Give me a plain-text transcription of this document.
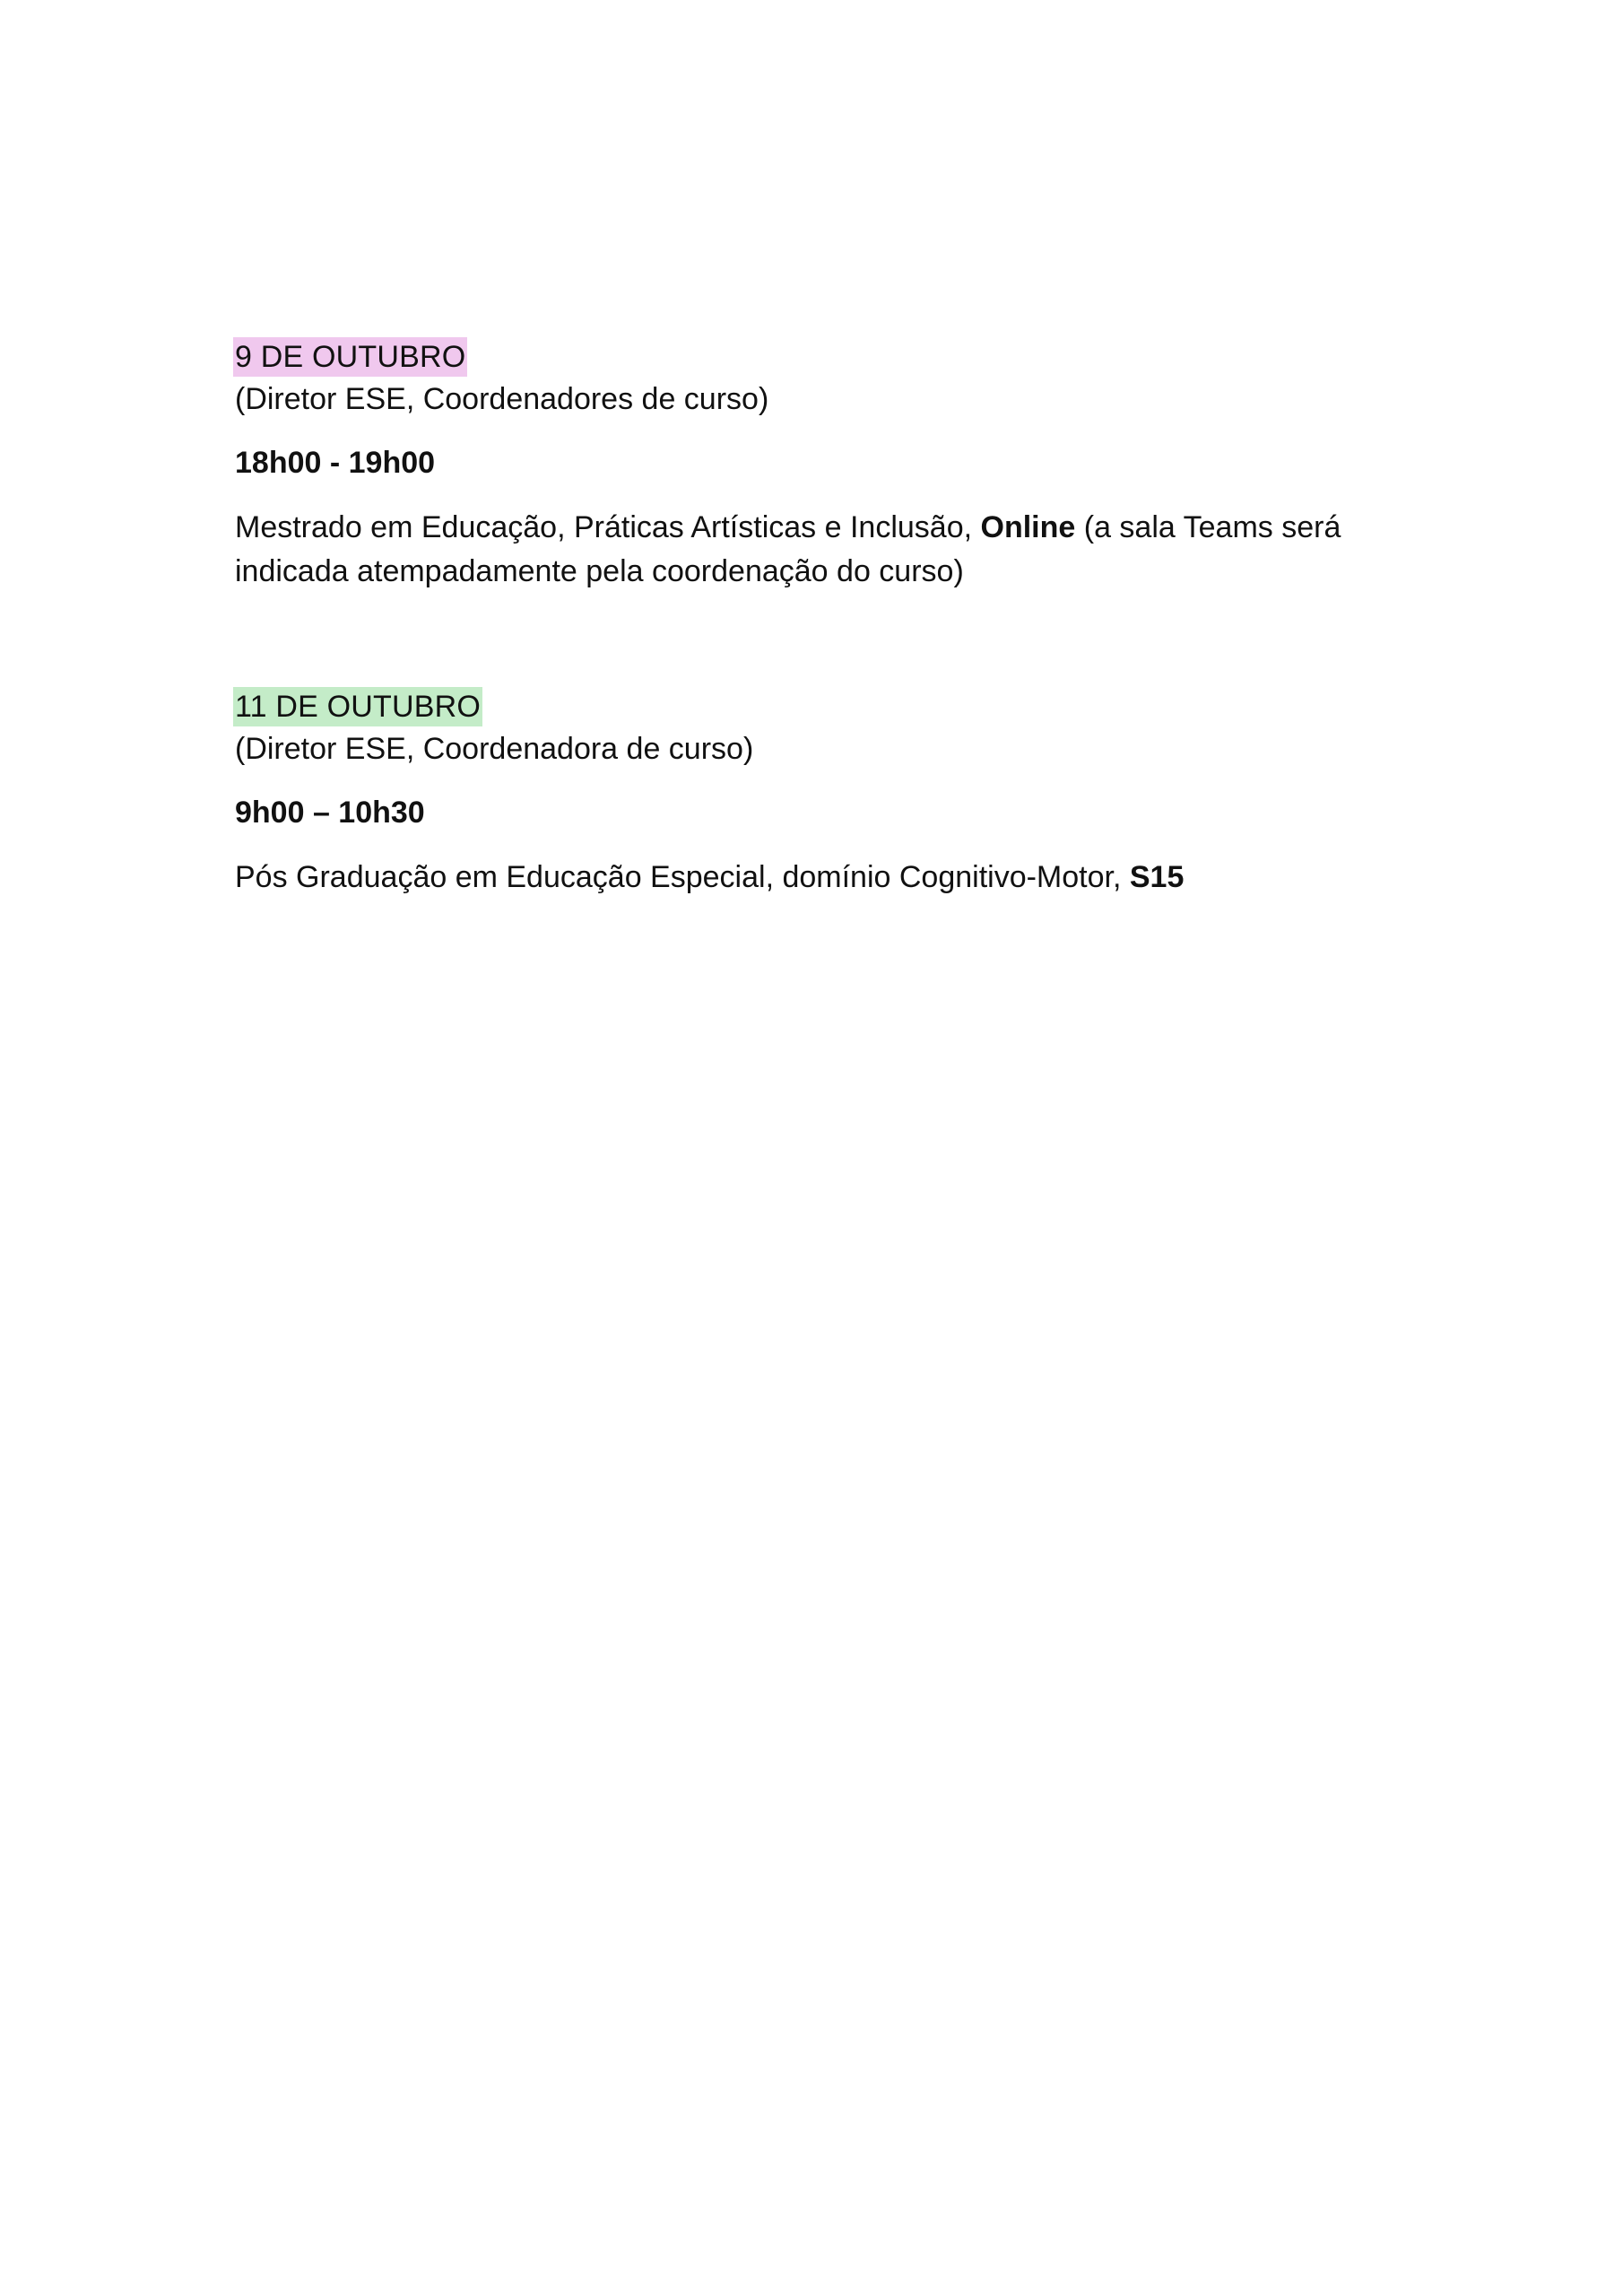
9 DE OUTUBRO
(Diretor ESE, Coordenadores de curso)
18h00 - 19h00
Mestrado em Educação, Práticas Artísticas e Inclusão, Online (a sala Teams será indicada atempadamente pela coordenação do curso)
11 DE OUTUBRO
(Diretor ESE, Coordenadora de curso)
9h00 – 10h30
Pós Graduação em Educação Especial, domínio Cognitivo-Motor, S15
